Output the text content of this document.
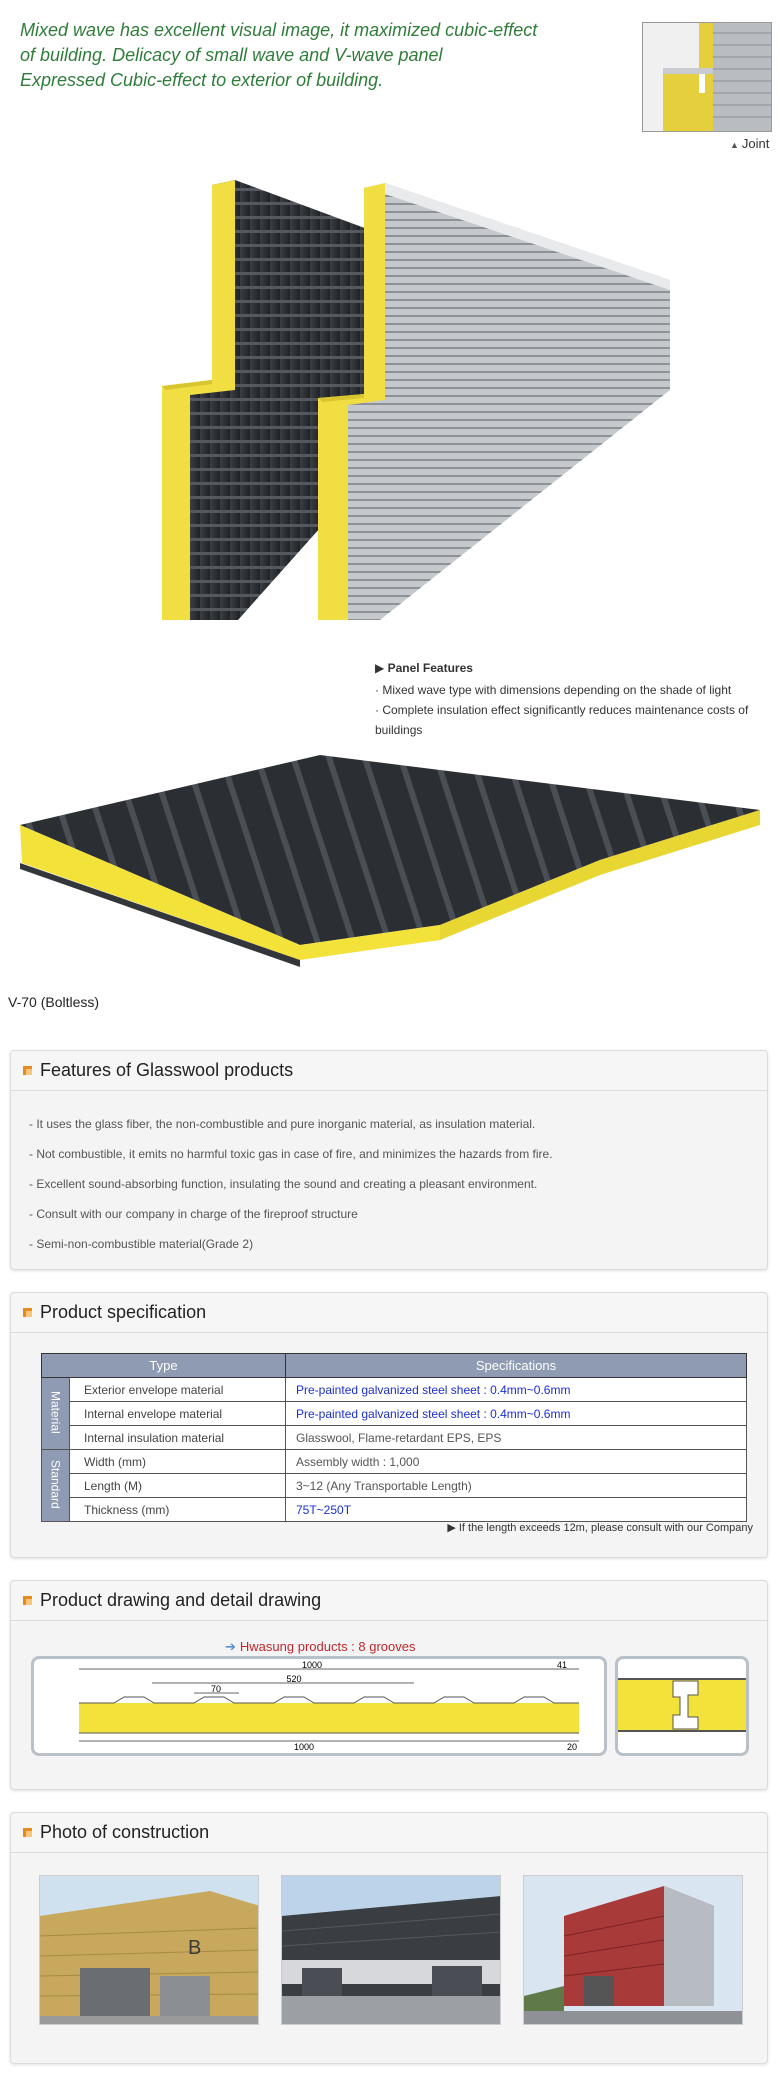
Mixed wave has excellent visual image, it maximized cubic-effect
of building. Delicacy of small wave and V-wave panel
Expressed Cubic-effect to exterior of building.
▲ Joint
▶ Panel Features
· Mixed wave type with dimensions depending on the shade of light
· Complete insulation effect significantly reduces maintenance costs of buildings
V-70 (Boltless)
Features of Glasswool products
- It uses the glass fiber, the non-combustible and pure inorganic material, as insulation material.
- Not combustible, it emits no harmful toxic gas in case of fire, and minimizes the hazards from fire.
- Excellent sound-absorbing function, insulating the sound and creating a pleasant environment.
- Consult with our company in charge of the fireproof structure
- Semi-non-combustible material(Grade 2)
Product specification
Type		Specifications
Material	Exterior envelope material	Pre-painted galvanized steel sheet : 0.4mm~0.6mm
	Internal envelope material	Pre-painted galvanized steel sheet : 0.4mm~0.6mm
	Internal insulation material	Glasswool, Flame-retardant EPS, EPS
Standard	Width (mm)	Assembly width : 1,000
	Length (M)	3~12 (Any Transportable Length)
	Thickness (mm)	75T~250T
▶ If the length exceeds 12m, please consult with our Company
Product drawing and detail drawing
➔ Hwasung products : 8 grooves
1000	41
520
70
1000	20
Photo of construction
B
